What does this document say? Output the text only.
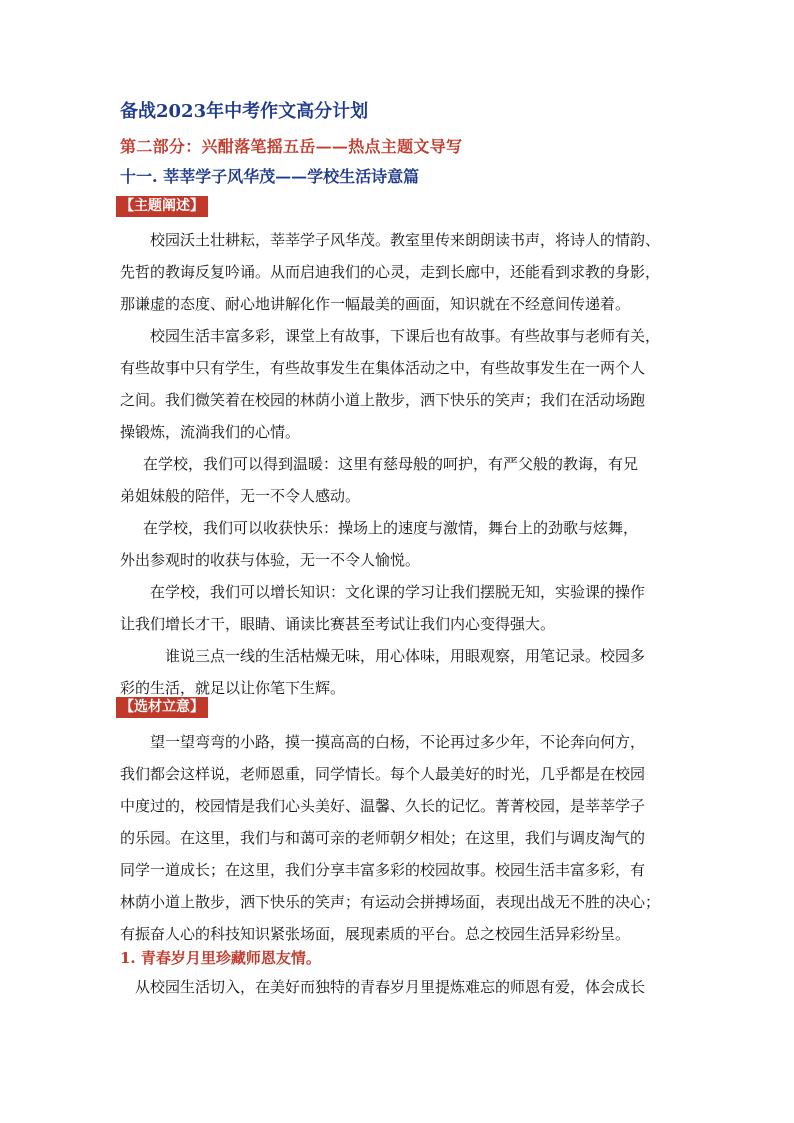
备战2023年中考作文高分计划
第二部分：兴酣落笔摇五岳——热点主题文导写
十一. 莘莘学子风华茂——学校生活诗意篇
【主题阐述】
校园沃土壮耕耘，莘莘学子风华茂。教室里传来朗朗读书声，将诗人的情韵、
先哲的教诲反复吟诵。从而启迪我们的心灵，走到长廊中，还能看到求教的身影，
那谦虚的态度、耐心地讲解化作一幅最美的画面，知识就在不经意间传递着。
校园生活丰富多彩，课堂上有故事，下课后也有故事。有些故事与老师有关，
有些故事中只有学生，有些故事发生在集体活动之中，有些故事发生在一两个人
之间。我们微笑着在校园的林荫小道上散步，洒下快乐的笑声；我们在活动场跑
操锻炼，流淌我们的心情。
在学校，我们可以得到温暖：这里有慈母般的呵护，有严父般的教诲，有兄
弟姐妹般的陪伴，无一不令人感动。
在学校，我们可以收获快乐：操场上的速度与激情，舞台上的劲歌与炫舞，
外出参观时的收获与体验，无一不令人愉悦。
在学校，我们可以增长知识：文化课的学习让我们摆脱无知，实验课的操作
让我们增长才干，眼睛、诵读比赛甚至考试让我们内心变得强大。
谁说三点一线的生活枯燥无味，用心体味，用眼观察，用笔记录。校园多
彩的生活，就足以让你笔下生辉。
【选材立意】
望一望弯弯的小路，摸一摸高高的白杨，不论再过多少年，不论奔向何方，
我们都会这样说，老师恩重，同学情长。每个人最美好的时光，几乎都是在校园
中度过的，校园情是我们心头美好、温馨、久长的记忆。菁菁校园，是莘莘学子
的乐园。在这里，我们与和蔼可亲的老师朝夕相处；在这里，我们与调皮淘气的
同学一道成长；在这里，我们分享丰富多彩的校园故事。校园生活丰富多彩，有
林荫小道上散步，洒下快乐的笑声；有运动会拼搏场面，表现出战无不胜的决心；
有振奋人心的科技知识紧张场面，展现素质的平台。总之校园生活异彩纷呈。
1. 青春岁月里珍藏师恩友情。
从校园生活切入，在美好而独特的青春岁月里提炼难忘的师恩有爱，体会成长
